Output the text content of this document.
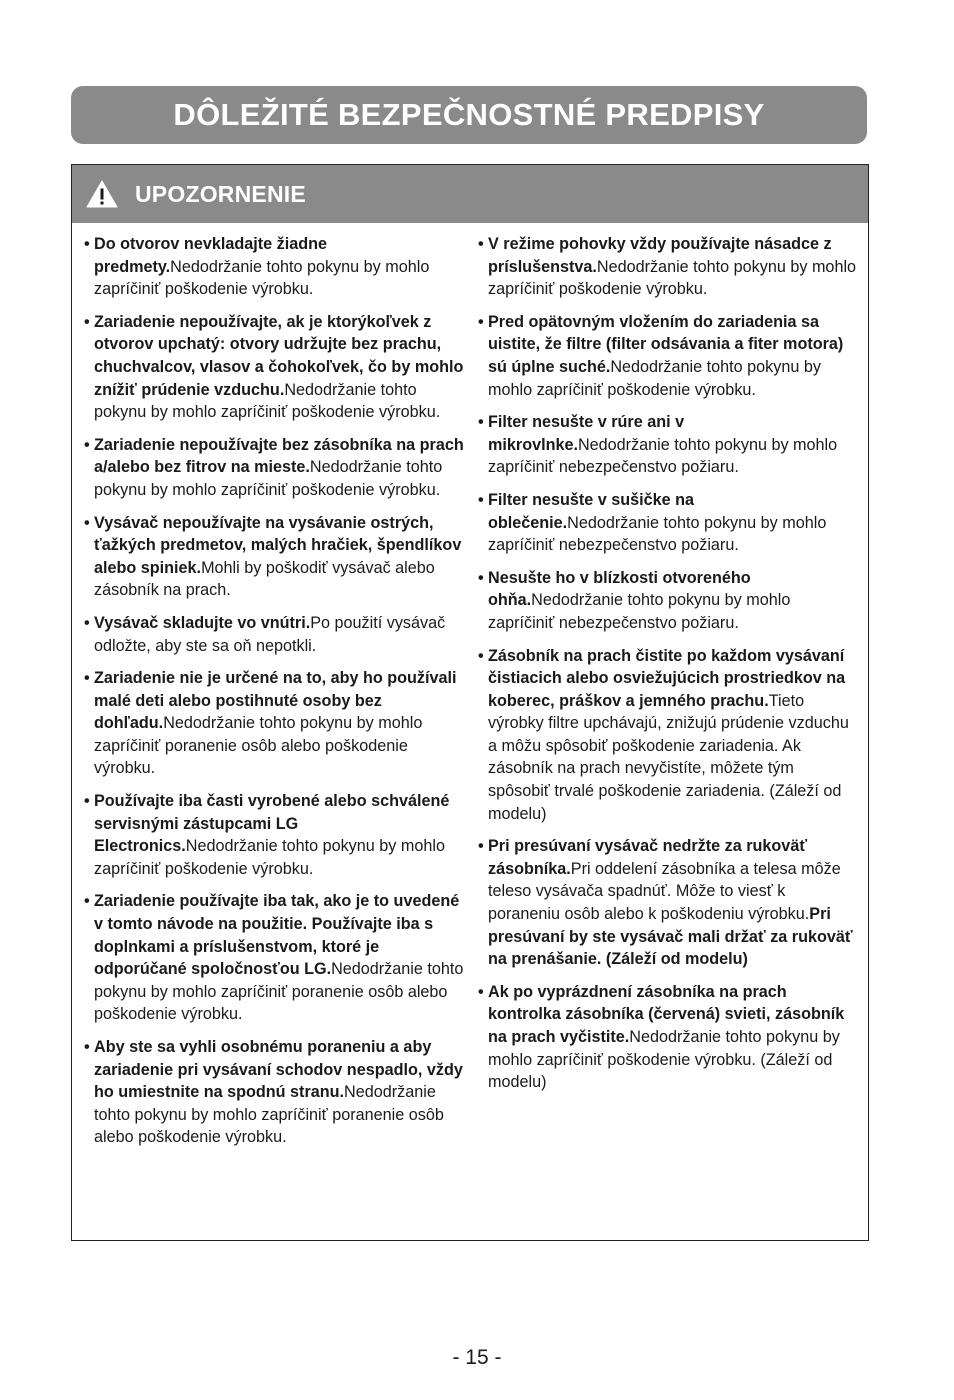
DÔLEŽITÉ BEZPEČNOSTNÉ PREDPISY
UPOZORNENIE
• Do otvorov nevkladajte žiadne predmety.Nedodržanie tohto pokynu by mohlo zapríčiniť poškodenie výrobku.
• Zariadenie nepoužívajte, ak je ktorýkoľvek z otvorov upchatý: otvory udržujte bez prachu, chuchvalcov, vlasov a čohokoľvek, čo by mohlo znížiť prúdenie vzduchu.Nedodržanie tohto pokynu by mohlo zapríčiniť poškodenie výrobku.
• Zariadenie nepoužívajte bez zásobníka na prach a/alebo bez fitrov na mieste.Nedodržanie tohto pokynu by mohlo zapríčiniť poškodenie výrobku.
• Vysávač nepoužívajte na vysávanie ostrých, ťažkých predmetov, malých hračiek, špendlíkov alebo spiniek.Mohli by poškodiť vysávač alebo zásobník na prach.
• Vysávač skladujte vo vnútri.Po použití vysávač odložte, aby ste sa oň nepotkli.
• Zariadenie nie je určené na to, aby ho používali malé deti alebo postihnuté osoby bez dohľadu.Nedodržanie tohto pokynu by mohlo zapríčiniť poranenie osôb alebo poškodenie výrobku.
• Používajte iba časti vyrobené alebo schválené servisnými zástupcami LG Electronics.Nedodržanie tohto pokynu by mohlo zapríčiniť poškodenie výrobku.
• Zariadenie používajte iba tak, ako je to uvedené v tomto návode na použitie. Používajte iba s doplnkami a príslušenstvom, ktoré je odporúčané spoločnosťou LG.Nedodržanie tohto pokynu by mohlo zapríčiniť poranenie osôb alebo poškodenie výrobku.
• Aby ste sa vyhli osobnému poraneniu a aby zariadenie pri vysávaní schodov nespadlo, vždy ho umiestnite na spodnú stranu.Nedodržanie tohto pokynu by mohlo zapríčiniť poranenie osôb alebo poškodenie výrobku.
• V režime pohovky vždy používajte násadce z príslušenstva.Nedodržanie tohto pokynu by mohlo zapríčiniť poškodenie výrobku.
• Pred opätovným vložením do zariadenia sa uistite, že filtre (filter odsávania a fiter motora) sú úplne suché.Nedodržanie tohto pokynu by mohlo zapríčiniť poškodenie výrobku.
• Filter nesušte v rúre ani v mikrovlnke.Nedodržanie tohto pokynu by mohlo zapríčiniť nebezpečenstvo požiaru.
• Filter nesušte v sušičke na oblečenie.Nedodržanie tohto pokynu by mohlo zapríčiniť nebezpečenstvo požiaru.
• Nesušte ho v blízkosti otvoreného ohňa.Nedodržanie tohto pokynu by mohlo zapríčiniť nebezpečenstvo požiaru.
• Zásobník na prach čistite po každom vysávaní čistiacich alebo osviežujúcich prostriedkov na koberec, práškov a jemného prachu.Tieto výrobky filtre upchávajú, znižujú prúdenie vzduchu a môžu spôsobiť poškodenie zariadenia. Ak zásobník na prach nevyčistíte, môžete tým spôsobiť trvalé poškodenie zariadenia. (Záleží od modelu)
• Pri presúvaní vysávač nedržte za rukoväť zásobníka.Pri oddelení zásobníka a telesa môže teleso vysávača spadnúť. Môže to viesť k poraneniu osôb alebo k poškodeniu výrobku.Pri presúvaní by ste vysávač mali držať za rukoväť na prenášanie. (Záleží od modelu)
• Ak po vyprázdnení zásobníka na prach kontrolka zásobníka (červená) svieti, zásobník na prach vyčistite.Nedodržanie tohto pokynu by mohlo zapríčiniť poškodenie výrobku. (Záleží od modelu)
- 15 -
